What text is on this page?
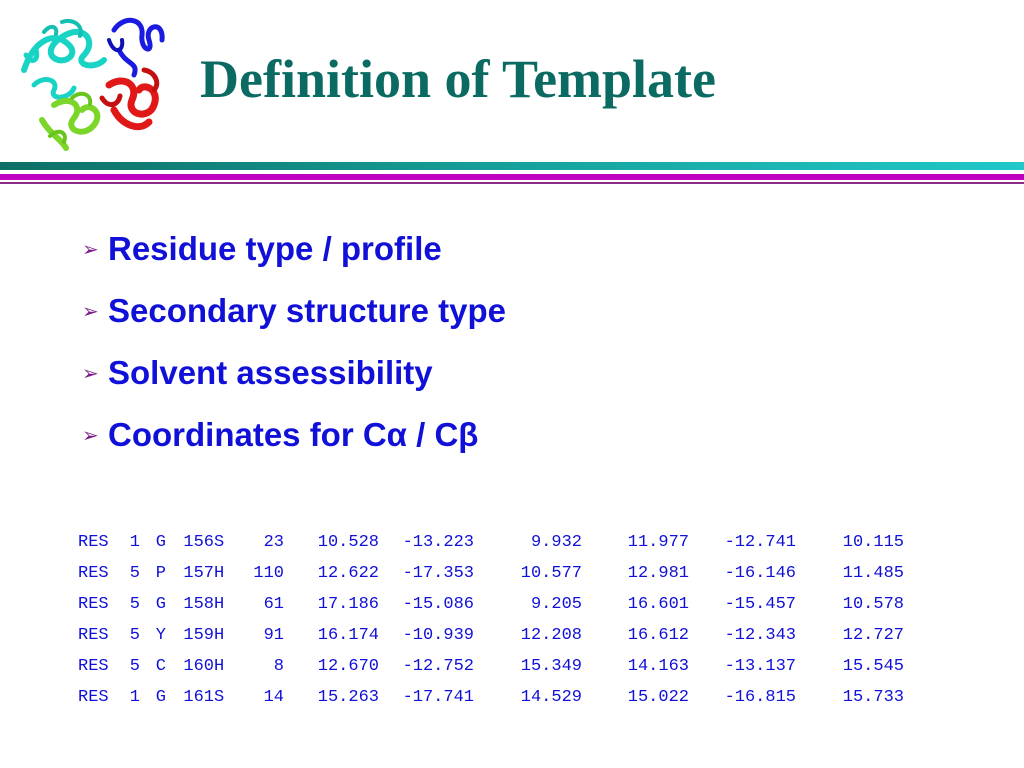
Definition of Template
➢ Residue type / profile
➢ Secondary structure type
➢ Solvent assessibility
➢ Coordinates for Cα / Cβ
RES	1	G	156	S	23	10.528	-13.223	9.932	11.977	-12.741	10.115
RES	5	P	157	H	110	12.622	-17.353	10.577	12.981	-16.146	11.485
RES	5	G	158	H	61	17.186	-15.086	9.205	16.601	-15.457	10.578
RES	5	Y	159	H	91	16.174	-10.939	12.208	16.612	-12.343	12.727
RES	5	C	160	H	8	12.670	-12.752	15.349	14.163	-13.137	15.545
RES	1	G	161	S	14	15.263	-17.741	14.529	15.022	-16.815	15.733
